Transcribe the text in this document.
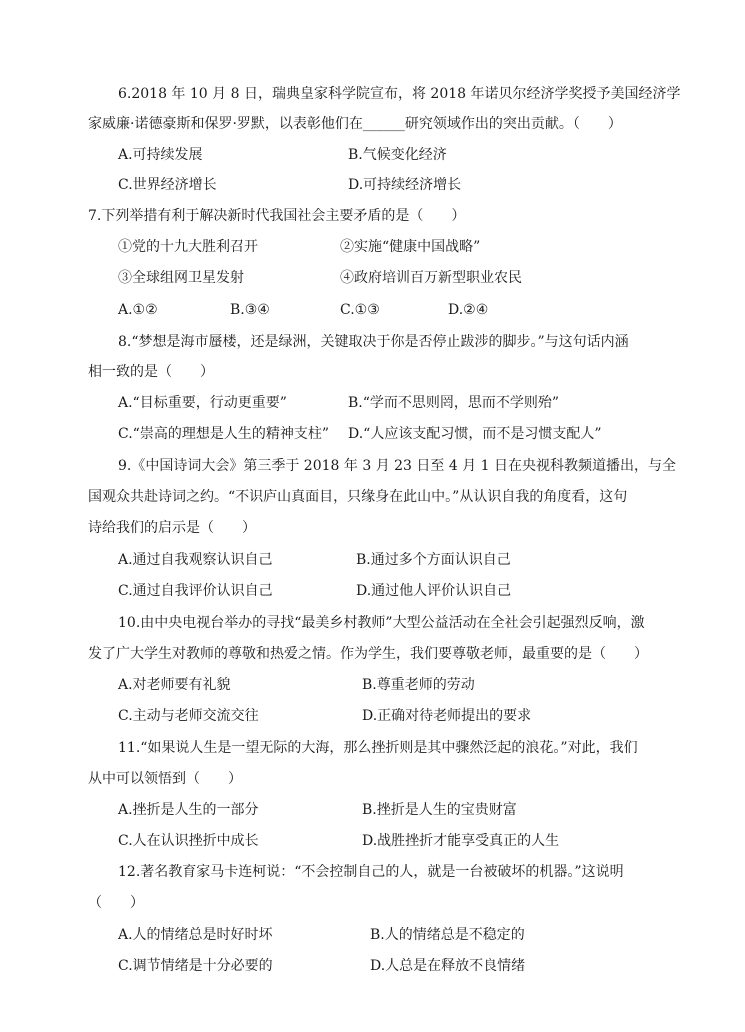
6.2018 年 10 月 8 日，瑞典皇家科学院宣布，将 2018 年诺贝尔经济学奖授予美国经济学
家威廉·诺德豪斯和保罗·罗默，以表彰他们在______研究领域作出的突出贡献。（　　）
A.可持续发展	B.气候变化经济
C.世界经济增长	D.可持续经济增长
7.下列举措有利于解决新时代我国社会主要矛盾的是（　　）
①党的十九大胜利召开	②实施“健康中国战略”
③全球组网卫星发射	④政府培训百万新型职业农民
A.①②	B.③④	C.①③	D.②④
8.“梦想是海市蜃楼，还是绿洲，关键取决于你是否停止跋涉的脚步。”与这句话内涵
相一致的是（　　）
A.“目标重要，行动更重要”	B.“学而不思则罔，思而不学则殆”
C.“崇高的理想是人生的精神支柱” D.“人应该支配习惯，而不是习惯支配人”
9.《中国诗词大会》第三季于 2018 年 3 月 23 日至 4 月 1 日在央视科教频道播出，与全
国观众共赴诗词之约。“不识庐山真面目，只缘身在此山中。”从认识自我的角度看，这句
诗给我们的启示是（　　）
A.通过自我观察认识自己	B.通过多个方面认识自己
C.通过自我评价认识自己	D.通过他人评价认识自己
10.由中央电视台举办的寻找“最美乡村教师”大型公益活动在全社会引起强烈反响，激
发了广大学生对教师的尊敬和热爱之情。作为学生，我们要尊敬老师，最重要的是（　　）
A.对老师要有礼貌	B.尊重老师的劳动
C.主动与老师交流交往	D.正确对待老师提出的要求
11.“如果说人生是一望无际的大海，那么挫折则是其中骤然泛起的浪花。”对此，我们
从中可以领悟到（　　）
A.挫折是人生的一部分	B.挫折是人生的宝贵财富
C.人在认识挫折中成长	D.战胜挫折才能享受真正的人生
12.著名教育家马卡连柯说：“不会控制自己的人，就是一台被破坏的机器。”这说明
（　　）
A.人的情绪总是时好时坏	B.人的情绪总是不稳定的
C.调节情绪是十分必要的	D.人总是在释放不良情绪
